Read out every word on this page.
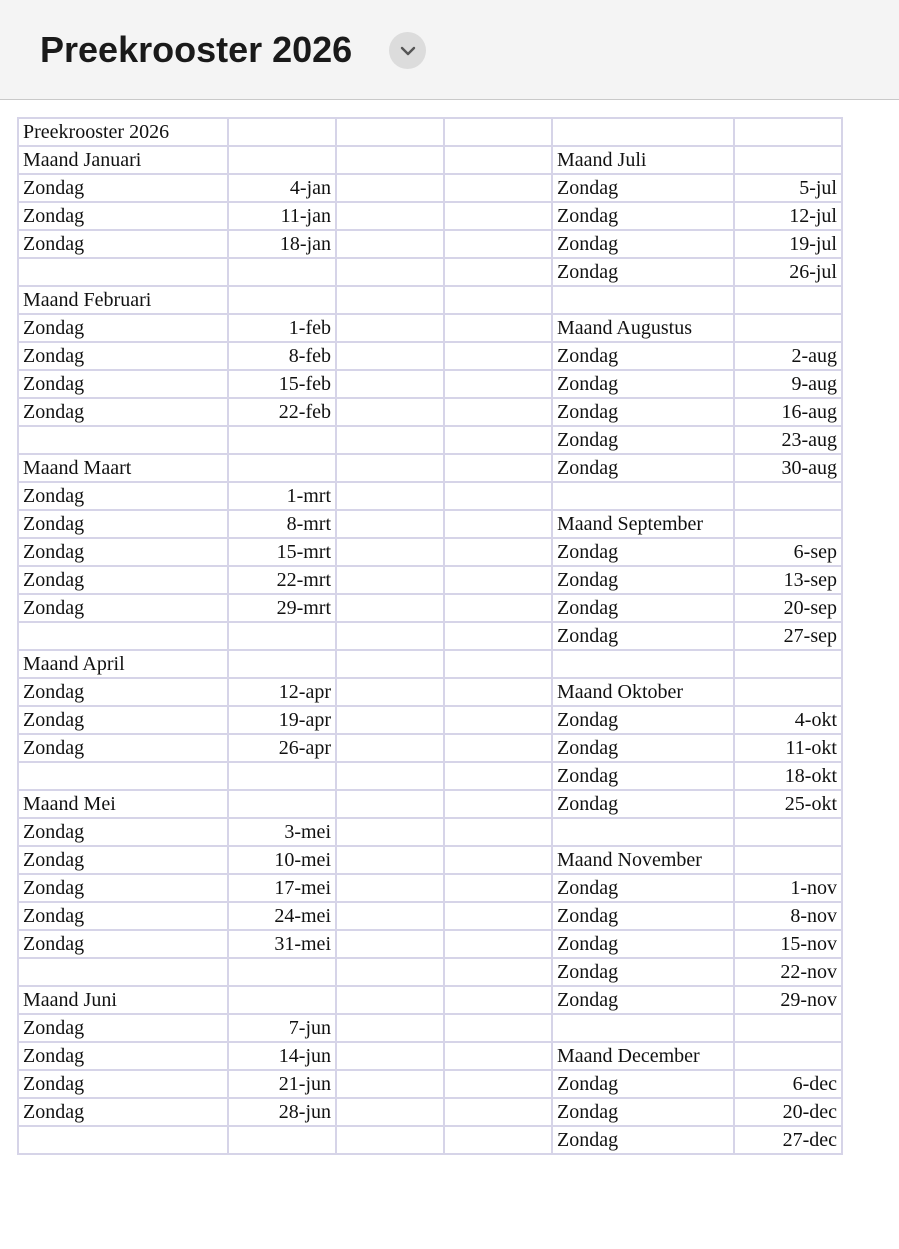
Preekrooster 2026
Preekrooster 2026					
Maand Januari				Maand Juli	
Zondag	4-jan			Zondag	5-jul
Zondag	11-jan			Zondag	12-jul
Zondag	18-jan			Zondag	19-jul
				Zondag	26-jul
Maand Februari					
Zondag	1-feb			Maand Augustus	
Zondag	8-feb			Zondag	2-aug
Zondag	15-feb			Zondag	9-aug
Zondag	22-feb			Zondag	16-aug
				Zondag	23-aug
Maand Maart				Zondag	30-aug
Zondag	1-mrt				
Zondag	8-mrt			Maand September	
Zondag	15-mrt			Zondag	6-sep
Zondag	22-mrt			Zondag	13-sep
Zondag	29-mrt			Zondag	20-sep
				Zondag	27-sep
Maand April					
Zondag	12-apr			Maand Oktober	
Zondag	19-apr			Zondag	4-okt
Zondag	26-apr			Zondag	11-okt
				Zondag	18-okt
Maand Mei				Zondag	25-okt
Zondag	3-mei				
Zondag	10-mei			Maand November	
Zondag	17-mei			Zondag	1-nov
Zondag	24-mei			Zondag	8-nov
Zondag	31-mei			Zondag	15-nov
				Zondag	22-nov
Maand Juni				Zondag	29-nov
Zondag	7-jun				
Zondag	14-jun			Maand December	
Zondag	21-jun			Zondag	6-dec
Zondag	28-jun			Zondag	20-dec
				Zondag	27-dec
